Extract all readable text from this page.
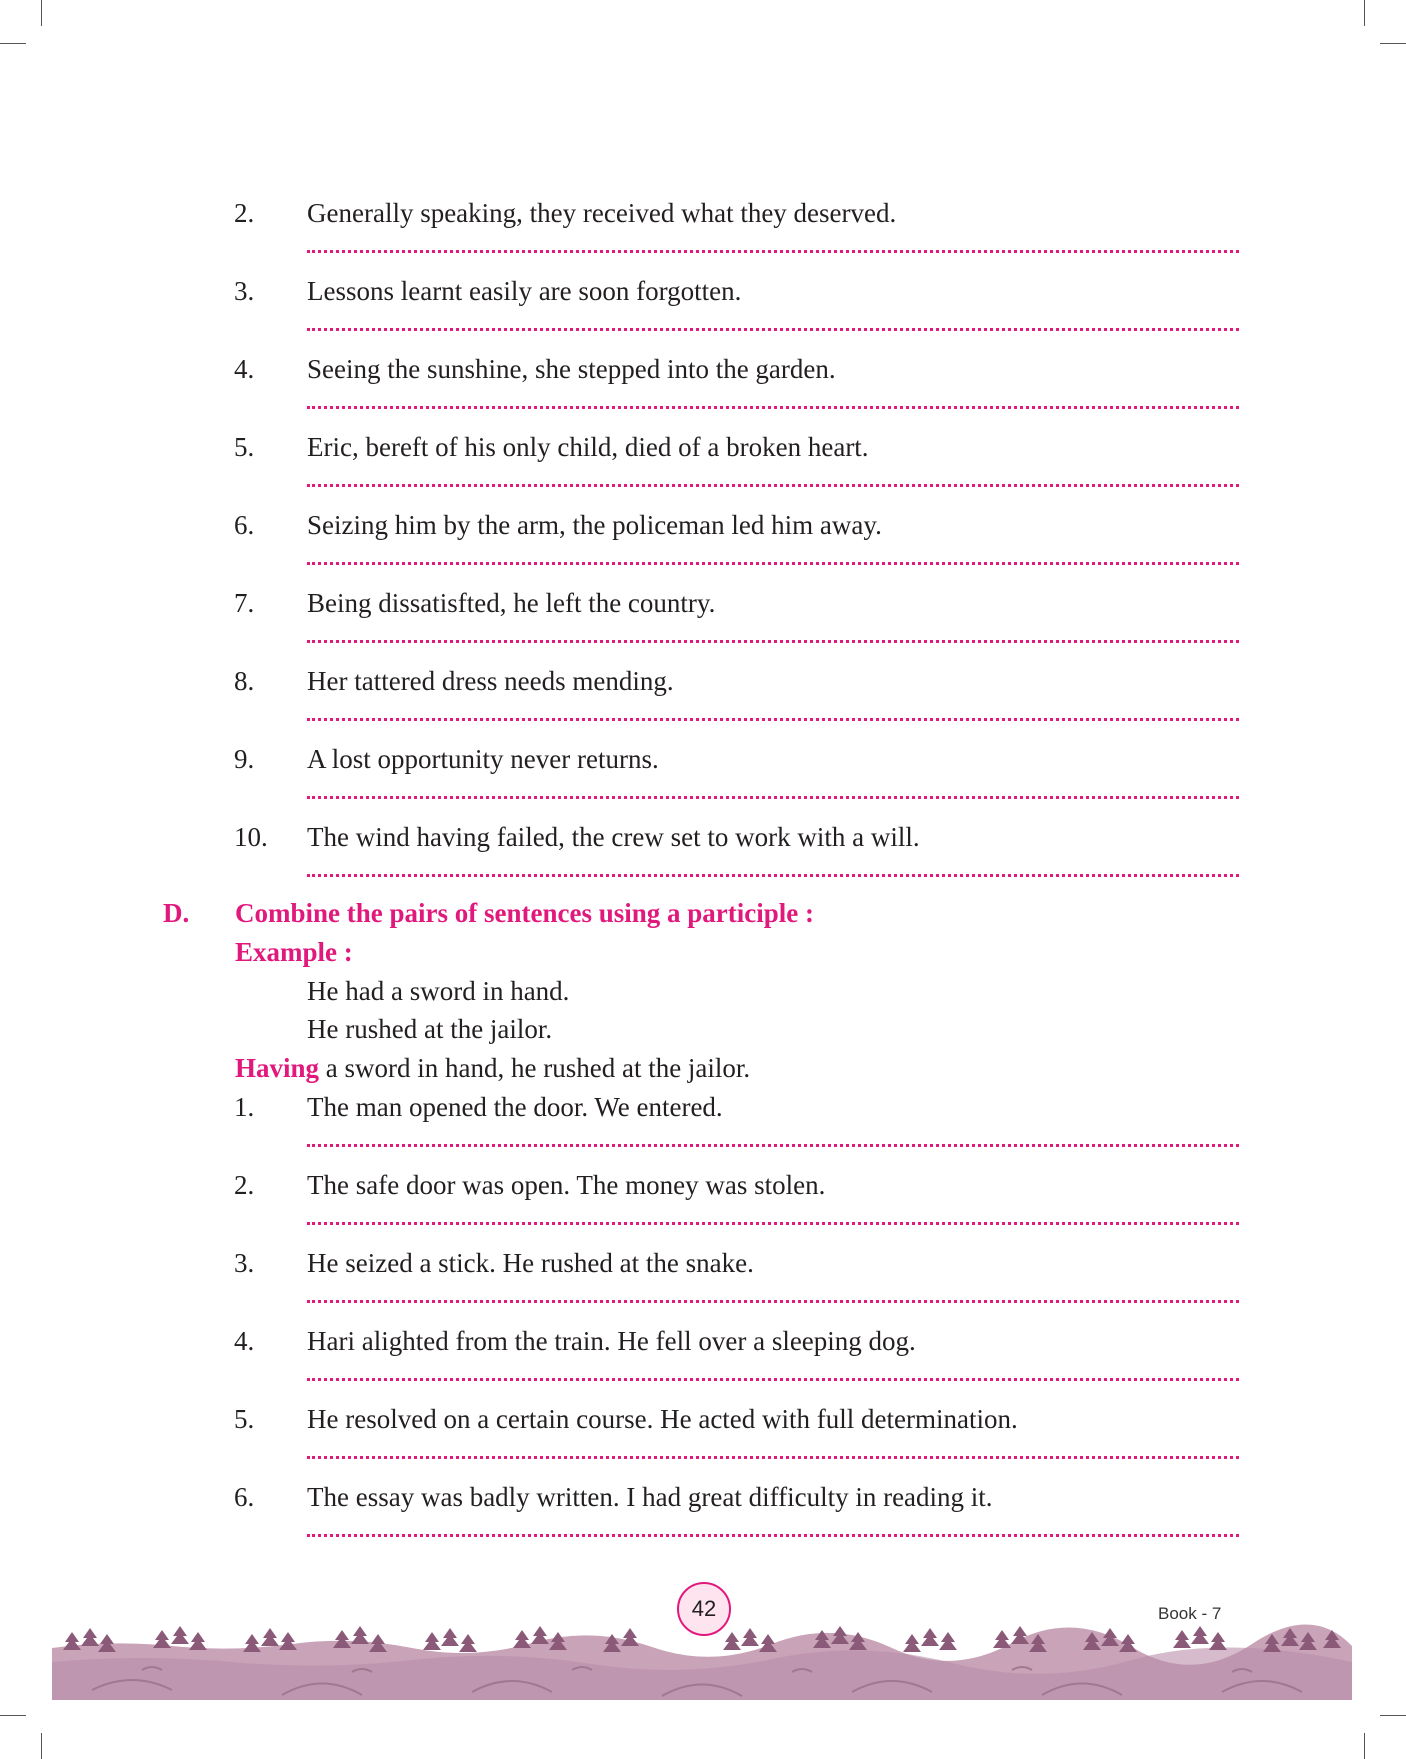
2. Generally speaking, they received what they deserved.
3. Lessons learnt easily are soon forgotten.
4. Seeing the sunshine, she stepped into the garden.
5. Eric, bereft of his only child, died of a broken heart.
6. Seizing him by the arm, the policeman led him away.
7. Being dissatisfted, he left the country.
8. Her tattered dress needs mending.
9. A lost opportunity never returns.
10. The wind having failed, the crew set to work with a will.
D. Combine the pairs of sentences using a participle :
Example :
He had a sword in hand.
He rushed at the jailor.
Having a sword in hand, he rushed at the jailor.
1. The man opened the door. We entered.
2. The safe door was open. The money was stolen.
3. He seized a stick. He rushed at the snake.
4. Hari alighted from the train. He fell over a sleeping dog.
5. He resolved on a certain course. He acted with full determination.
6. The essay was badly written. I had great difficulty in reading it.
42	Book - 7
